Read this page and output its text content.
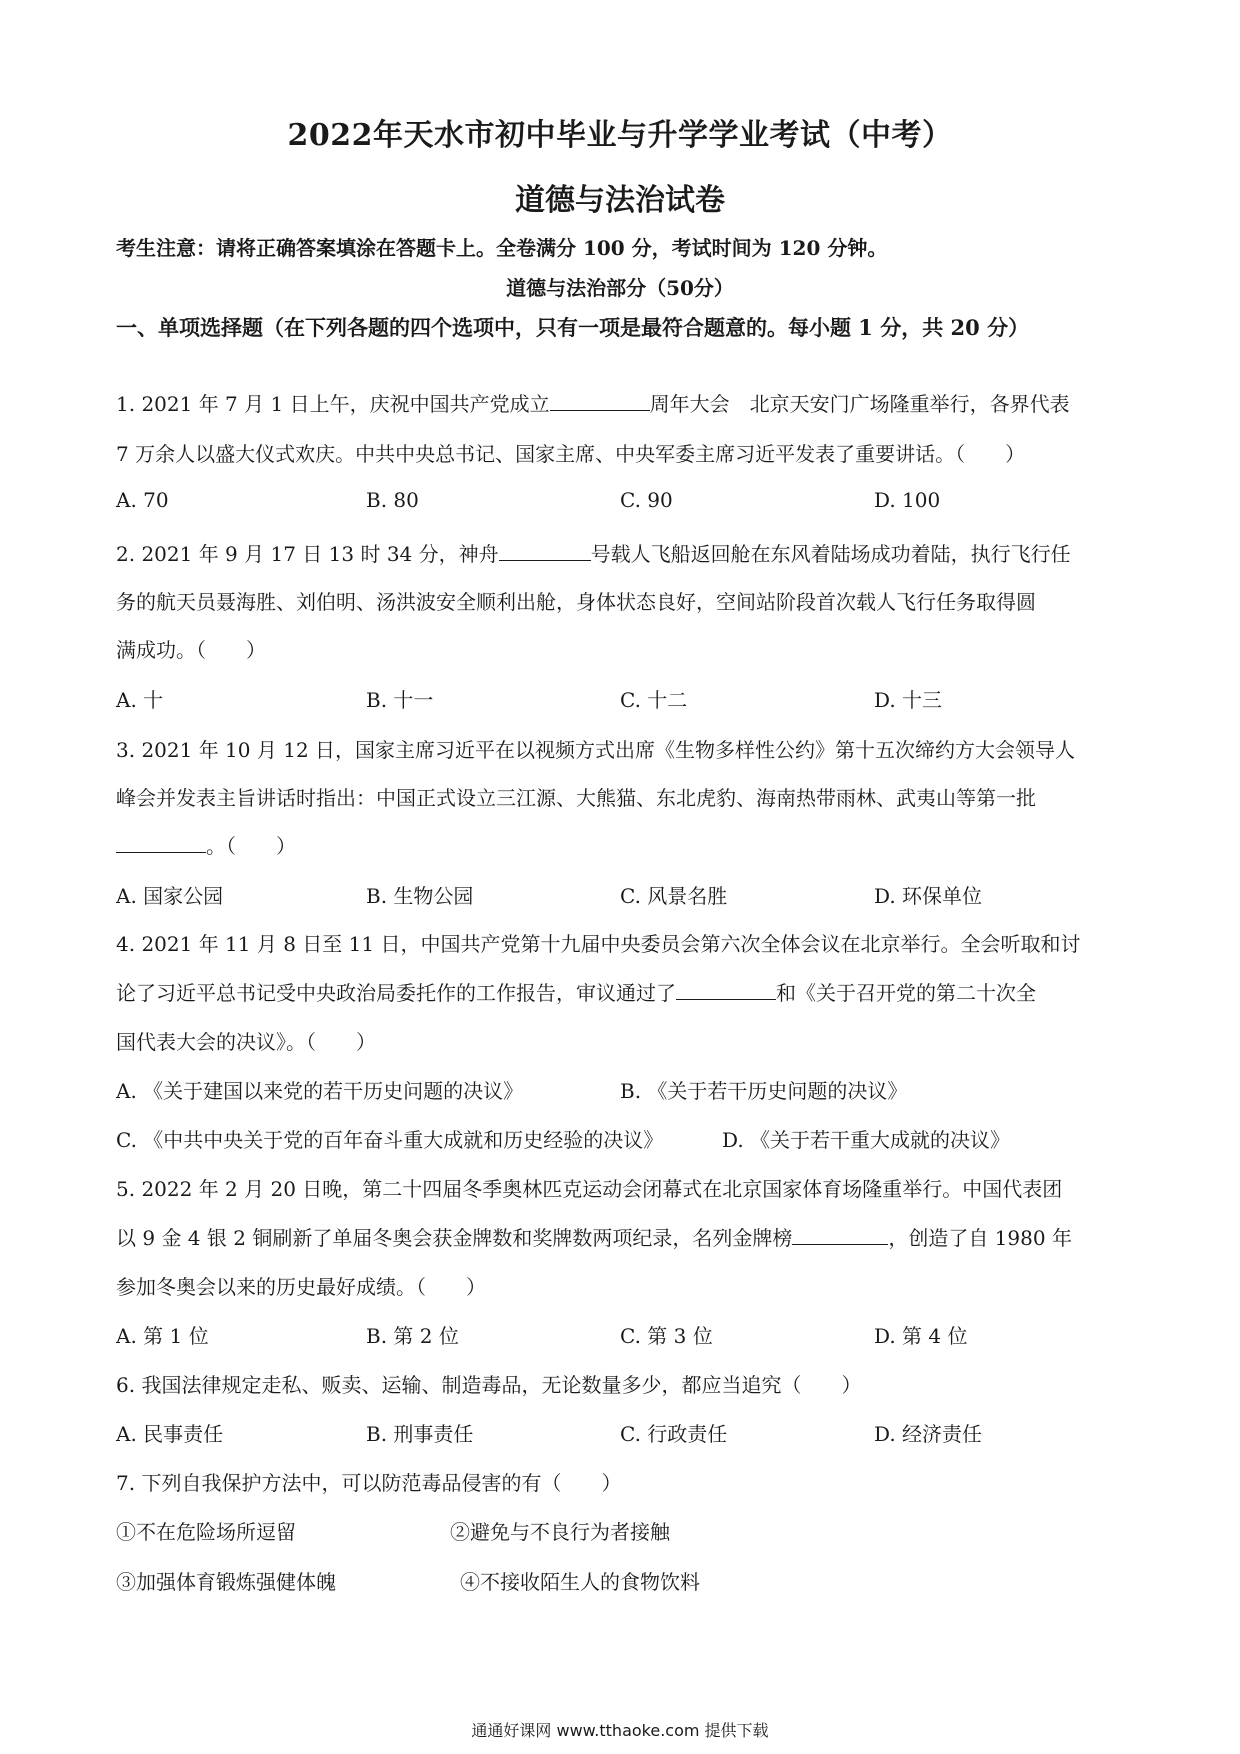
2022年天水市初中毕业与升学学业考试（中考）
道德与法治试卷
考生注意：请将正确答案填涂在答题卡上。全卷满分 100 分，考试时间为 120 分钟。
道德与法治部分（50分）
一、单项选择题（在下列各题的四个选项中，只有一项是最符合题意的。每小题 1 分，共 20 分）
1. 2021 年 7 月 1 日上午，庆祝中国共产党成立	周年大会　北京天安门广场隆重举行，各界代表
7 万余人以盛大仪式欢庆。中共中央总书记、国家主席、中央军委主席习近平发表了重要讲话。（　　）
A. 70	B. 80	C. 90	D. 100
2. 2021 年 9 月 17 日 13 时 34 分，神舟	号载人飞船返回舱在东风着陆场成功着陆，执行飞行任
务的航天员聂海胜、刘伯明、汤洪波安全顺利出舱，身体状态良好，空间站阶段首次载人飞行任务取得圆
满成功。（　　）
A. 十	B. 十一	C. 十二	D. 十三
3. 2021 年 10 月 12 日，国家主席习近平在以视频方式出席《生物多样性公约》第十五次缔约方大会领导人
峰会并发表主旨讲话时指出：中国正式设立三江源、大熊猫、东北虎豹、海南热带雨林、武夷山等第一批
。（　　）
A. 国家公园	B. 生物公园	C. 风景名胜	D. 环保单位
4. 2021 年 11 月 8 日至 11 日，中国共产党第十九届中央委员会第六次全体会议在北京举行。全会听取和讨
论了习近平总书记受中央政治局委托作的工作报告，审议通过了	和《关于召开党的第二十次全
国代表大会的决议》。（　　）
A. 《关于建国以来党的若干历史问题的决议》	B. 《关于若干历史问题的决议》
C. 《中共中央关于党的百年奋斗重大成就和历史经验的决议》	D. 《关于若干重大成就的决议》
5. 2022 年 2 月 20 日晚，第二十四届冬季奥林匹克运动会闭幕式在北京国家体育场隆重举行。中国代表团
以 9 金 4 银 2 铜刷新了单届冬奥会获金牌数和奖牌数两项纪录，名列金牌榜	，创造了自 1980 年
参加冬奥会以来的历史最好成绩。（　　）
A. 第 1 位	B. 第 2 位	C. 第 3 位	D. 第 4 位
6. 我国法律规定走私、贩卖、运输、制造毒品，无论数量多少，都应当追究（　　）
A. 民事责任	B. 刑事责任	C. 行政责任	D. 经济责任
7. 下列自我保护方法中，可以防范毒品侵害的有（　　）
①不在危险场所逗留	②避免与不良行为者接触
③加强体育锻炼强健体魄	④不接收陌生人的食物饮料
通通好课网 www.tthaoke.com 提供下载
